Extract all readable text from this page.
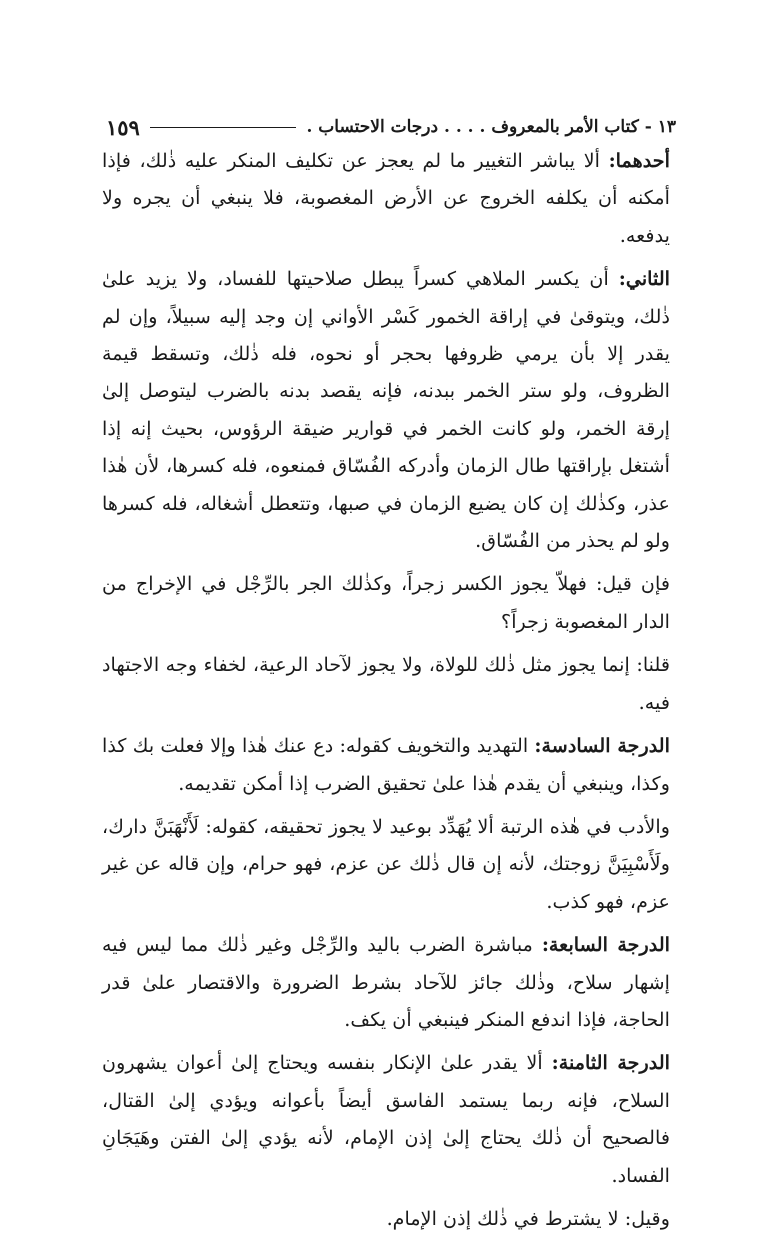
١٥٩	١٣ - كتاب الأمر بالمعروف . . . . درجات الاحتساب .

أحدهما: ألا يباشر التغيير ما لم يعجز عن تكليف المنكر عليه ذٰلك، فإذا أمكنه أن يكلفه الخروج عن الأرض المغصوبة، فلا ينبغي أن يجره ولا يدفعه.

الثاني: أن يكسر الملاهي كسراً يبطل صلاحيتها للفساد، ولا يزيد علىٰ ذٰلك، ويتوقىٰ في إراقة الخمور كَسْر الأواني إن وجد إليه سبيلاً، وإن لم يقدر إلا بأن يرمي ظروفها بحجر أو نحوه، فله ذٰلك، وتسقط قيمة الظروف، ولو ستر الخمر ببدنه، فإنه يقصد بدنه بالضرب ليتوصل إلىٰ إرقة الخمر، ولو كانت الخمر في قوارير ضيقة الرؤوس، بحيث إنه إذا أشتغل بإراقتها طال الزمان وأدركه الفُسّاق فمنعوه، فله كسرها، لأن هٰذا عذر، وكذٰلك إن كان يضيع الزمان في صبها، وتتعطل أشغاله، فله كسرها ولو لم يحذر من الفُسّاق.

فإن قيل: فهلاّ يجوز الكسر زجراً، وكذٰلك الجر بالرِّجْل في الإخراج من الدار المغصوبة زجراً؟

قلنا: إنما يجوز مثل ذٰلك للولاة، ولا يجوز لآحاد الرعية، لخفاء وجه الاجتهاد فيه.

الدرجة السادسة: التهديد والتخويف كقوله: دع عنك هٰذا وإلا فعلت بك كذا وكذا، وينبغي أن يقدم هٰذا علىٰ تحقيق الضرب إذا أمكن تقديمه.

والأدب في هٰذه الرتبة ألا يُهَدِّد بوعيد لا يجوز تحقيقه، كقوله: لَأَنْهَبَنَّ دارك، ولَأَسْبِيَنَّ زوجتك، لأنه إن قال ذٰلك عن عزم، فهو حرام، وإن قاله عن غير عزم، فهو كذب.

الدرجة السابعة: مباشرة الضرب باليد والرِّجْل وغير ذٰلك مما ليس فيه إشهار سلاح، وذٰلك جائز للآحاد بشرط الضرورة والاقتصار علىٰ قدر الحاجة، فإذا اندفع المنكر فينبغي أن يكف.

الدرجة الثامنة: ألا يقدر علىٰ الإنكار بنفسه ويحتاج إلىٰ أعوان يشهرون السلاح، فإنه ربما يستمد الفاسق أيضاً بأعوانه ويؤدي إلىٰ القتال، فالصحيح أن ذٰلك يحتاج إلىٰ إذن الإمام، لأنه يؤدي إلىٰ الفتن وهَيَجَانِ الفساد.

وقيل: لا يشترط في ذٰلك إذن الإمام.
